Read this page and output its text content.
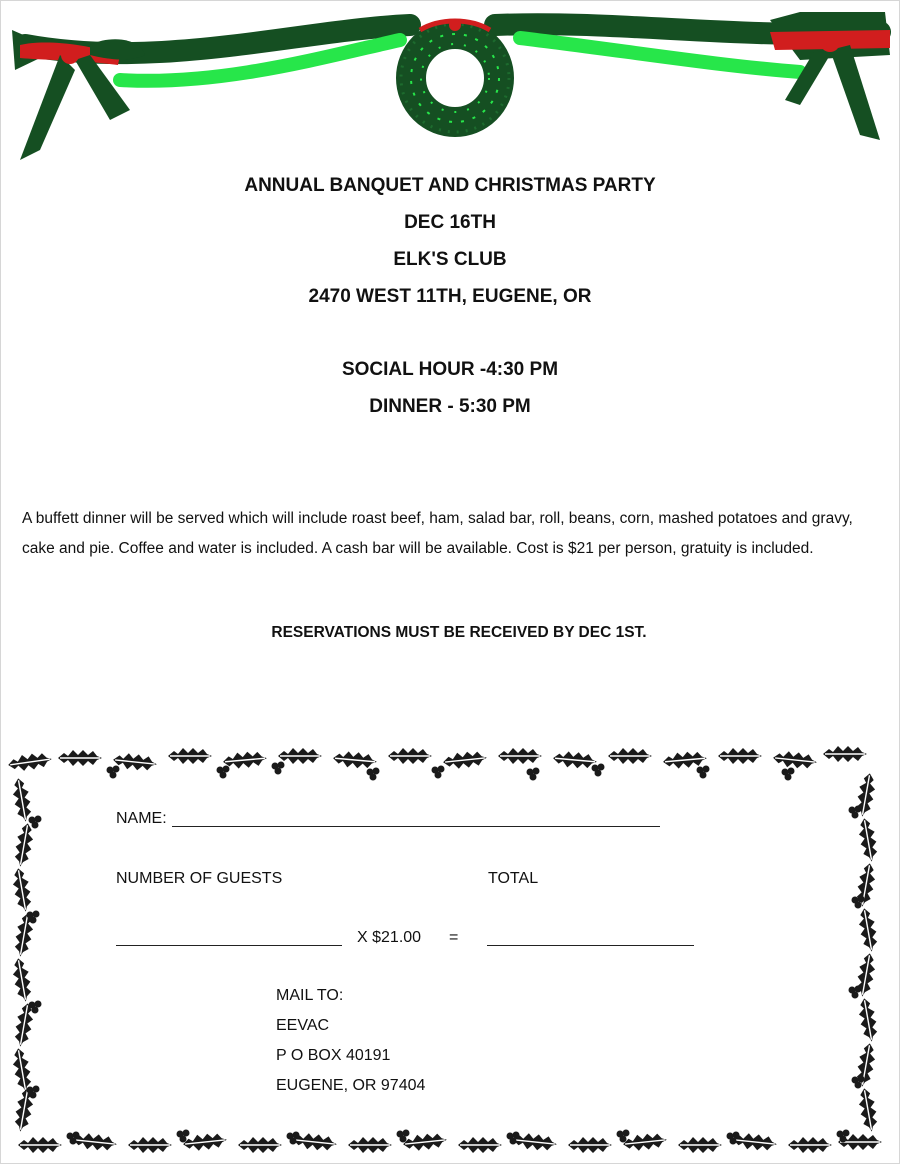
ANNUAL BANQUET AND CHRISTMAS PARTY
DEC 16TH
ELK'S CLUB
2470 WEST 11TH, EUGENE, OR
SOCIAL HOUR -4:30 PM
DINNER - 5:30 PM

A buffett dinner will be served which will include roast beef, ham, salad bar, roll, beans, corn, mashed potatoes and gravy, cake and pie. Coffee and water is included. A cash bar will be available. Cost is $21 per person, gratuity is included.

RESERVATIONS MUST BE RECEIVED BY DEC 1ST.
NAME:
NUMBER OF GUESTS	TOTAL
X $21.00 =
MAIL TO:
EEVAC
P O BOX 40191
EUGENE, OR 97404
